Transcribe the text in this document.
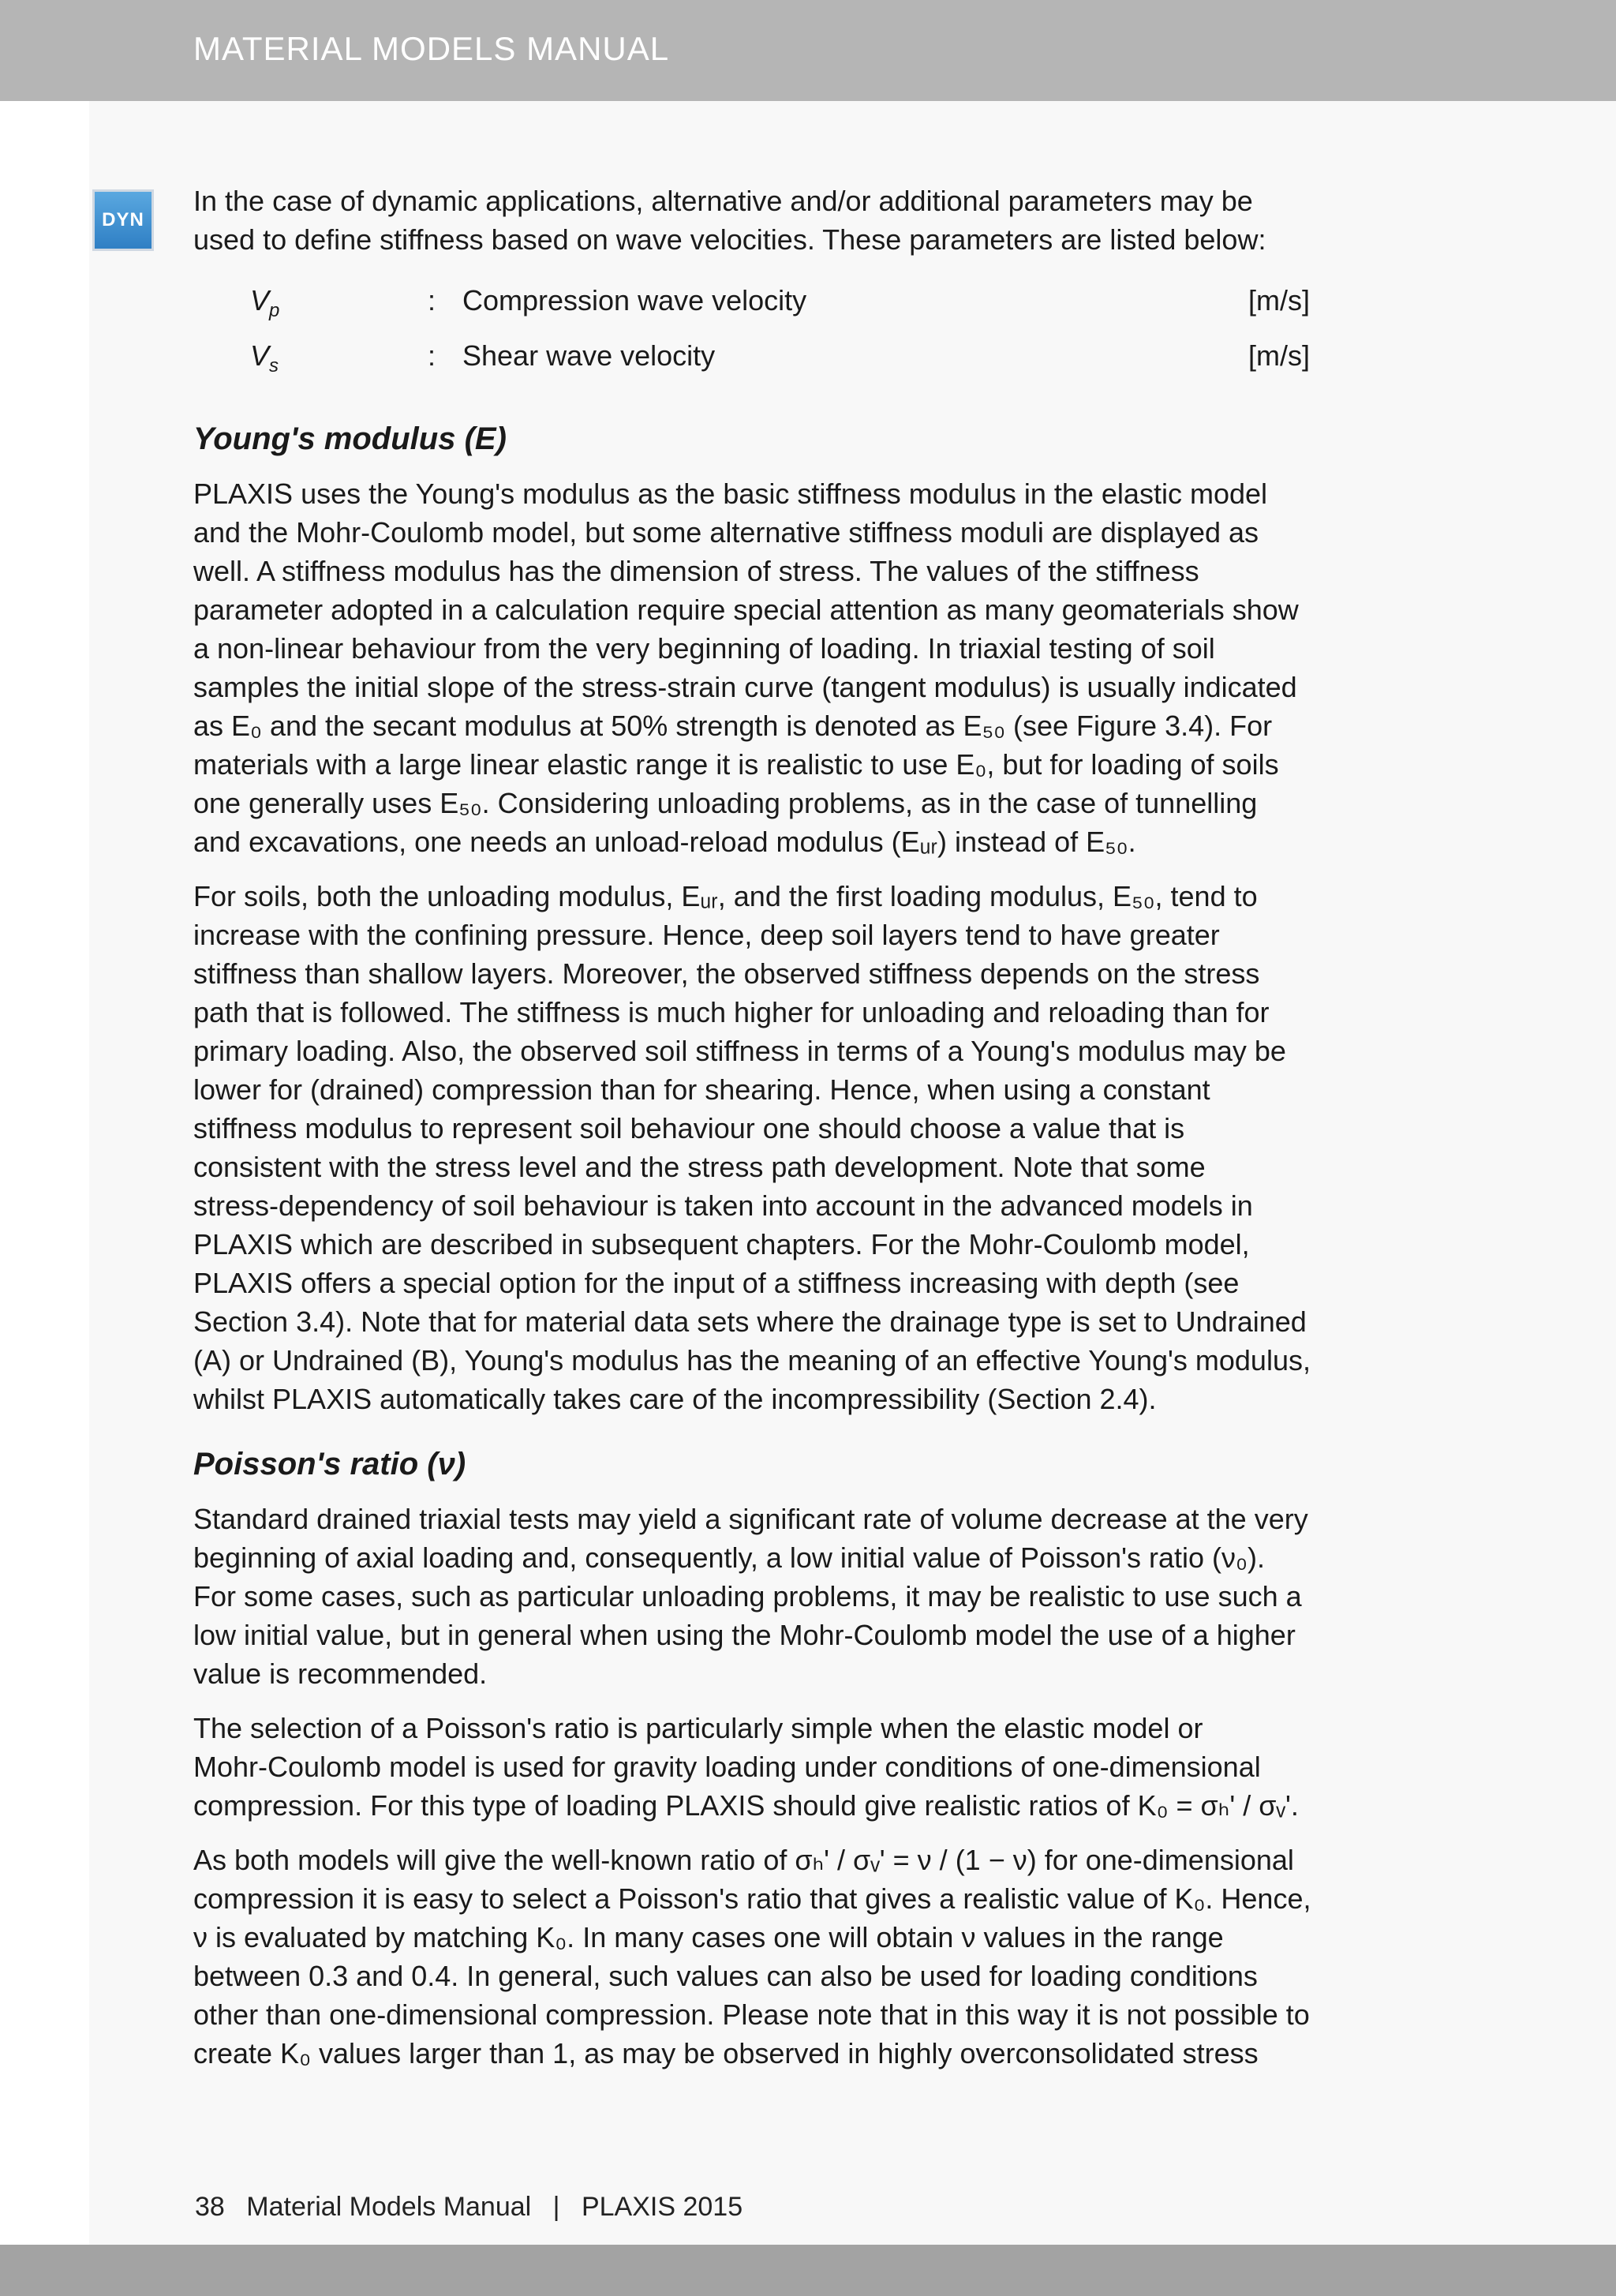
MATERIAL MODELS MANUAL
DYN
In the case of dynamic applications, alternative and/or additional parameters may be
used to define stiffness based on wave velocities. These parameters are listed below:
$V_p$	: Compression wave velocity	[m/s]
$V_s$	: Shear wave velocity	[m/s]
Young's modulus (E)
PLAXIS uses the Young's modulus as the basic stiffness modulus in the elastic model
and the Mohr-Coulomb model, but some alternative stiffness moduli are displayed as
well. A stiffness modulus has the dimension of stress. The values of the stiffness
parameter adopted in a calculation require special attention as many geomaterials show
a non-linear behaviour from the very beginning of loading. In triaxial testing of soil
samples the initial slope of the stress-strain curve (tangent modulus) is usually indicated
as E₀ and the secant modulus at 50% strength is denoted as E₅₀ (see Figure 3.4). For
materials with a large linear elastic range it is realistic to use E₀, but for loading of soils
one generally uses E₅₀. Considering unloading problems, as in the case of tunnelling
and excavations, one needs an unload-reload modulus (Eᵤᵣ) instead of E₅₀.
For soils, both the unloading modulus, Eᵤᵣ, and the first loading modulus, E₅₀, tend to
increase with the confining pressure. Hence, deep soil layers tend to have greater
stiffness than shallow layers. Moreover, the observed stiffness depends on the stress
path that is followed. The stiffness is much higher for unloading and reloading than for
primary loading. Also, the observed soil stiffness in terms of a Young's modulus may be
lower for (drained) compression than for shearing. Hence, when using a constant
stiffness modulus to represent soil behaviour one should choose a value that is
consistent with the stress level and the stress path development. Note that some
stress-dependency of soil behaviour is taken into account in the advanced models in
PLAXIS which are described in subsequent chapters. For the Mohr-Coulomb model,
PLAXIS offers a special option for the input of a stiffness increasing with depth (see
Section 3.4). Note that for material data sets where the drainage type is set to Undrained
(A) or Undrained (B), Young's modulus has the meaning of an effective Young's modulus,
whilst PLAXIS automatically takes care of the incompressibility (Section 2.4).
Poisson's ratio (ν)
Standard drained triaxial tests may yield a significant rate of volume decrease at the very
beginning of axial loading and, consequently, a low initial value of Poisson's ratio (ν₀).
For some cases, such as particular unloading problems, it may be realistic to use such a
low initial value, but in general when using the Mohr-Coulomb model the use of a higher
value is recommended.
The selection of a Poisson's ratio is particularly simple when the elastic model or
Mohr-Coulomb model is used for gravity loading under conditions of one-dimensional
compression. For this type of loading PLAXIS should give realistic ratios of K₀ = σₕ' / σᵥ'.
As both models will give the well-known ratio of σₕ' / σᵥ' = ν / (1 − ν) for one-dimensional
compression it is easy to select a Poisson's ratio that gives a realistic value of K₀. Hence,
ν is evaluated by matching K₀. In many cases one will obtain ν values in the range
between 0.3 and 0.4. In general, such values can also be used for loading conditions
other than one-dimensional compression. Please note that in this way it is not possible to
create K₀ values larger than 1, as may be observed in highly overconsolidated stress
38 Material Models Manual | PLAXIS 2015
